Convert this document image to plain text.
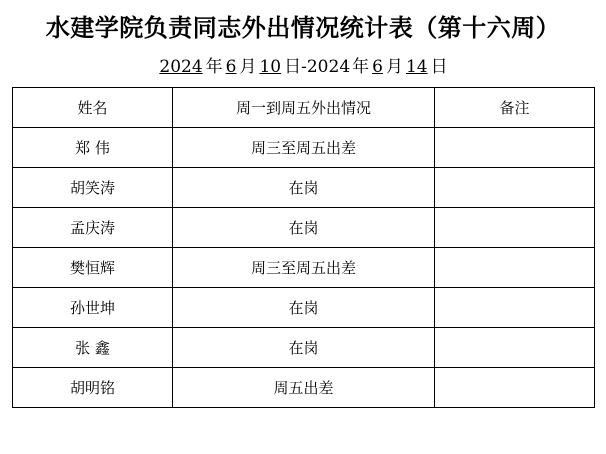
水建学院负责同志外出情况统计表（第十六周）
2024 年 6 月 10 日-2024 年 6 月 14 日
姓名	周一到周五外出情况	备注
郑 伟	周三至周五出差	
胡笑涛	在岗	
孟庆涛	在岗	
樊恒辉	周三至周五出差	
孙世坤	在岗	
张 鑫	在岗	
胡明铭	周五出差	
